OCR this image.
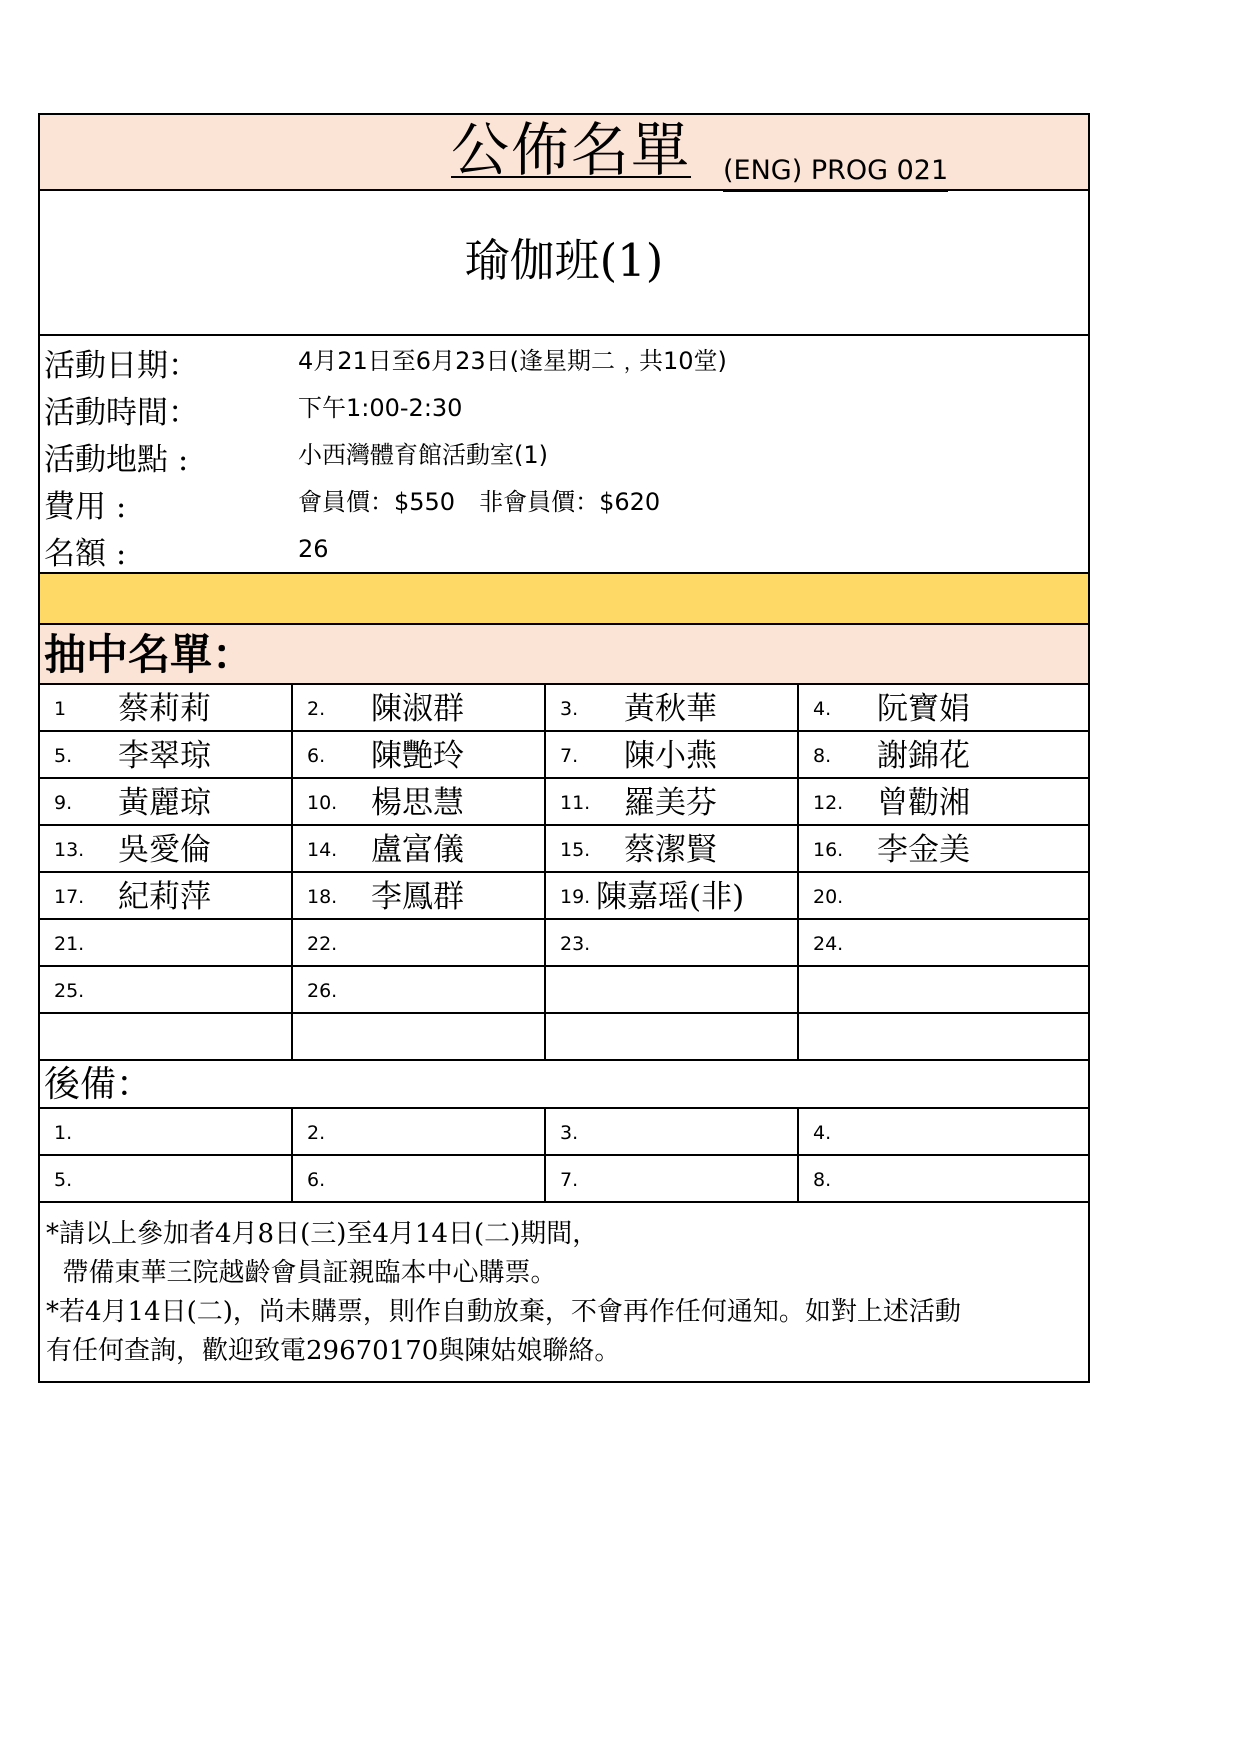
公佈名單 (ENG) PROG 021
瑜伽班(1)
活動日期：	4月21日至6月23日(逢星期二﹐共10堂)
活動時間：	下午1:00-2:30
活動地點 :	小西灣體育館活動室(1)
費用 :	會員價：$550　非會員價：$620
名額 :	26
抽中名單：
1 蔡莉莉	2. 陳淑群	3. 黃秋華	4. 阮寶娟
5. 李翠琼	6. 陳艷玲	7. 陳小燕	8. 謝錦花
9. 黃麗琼	10. 楊思慧	11. 羅美芬	12. 曾勸湘
13. 吳愛倫	14. 盧富儀	15. 蔡潔賢	16. 李金美
17. 紀莉萍	18. 李鳳群	19. 陳嘉瑶(非)	20.
21.	22.	23.	24.
25.	26.
後備：
1.	2.	3.	4.
5.	6.	7.	8.
*請以上參加者4月8日(三)至4月14日(二)期間，
帶備東華三院越齡會員証親臨本中心購票。
*若4月14日(二)，尚未購票，則作自動放棄，不會再作任何通知。如對上述活動
有任何查詢，歡迎致電29670170與陳姑娘聯絡。
